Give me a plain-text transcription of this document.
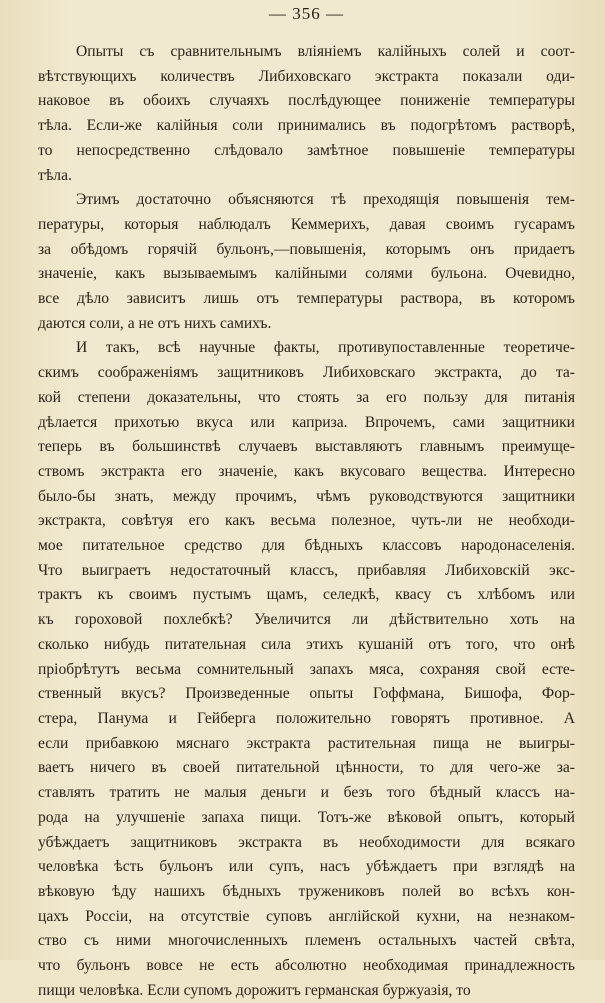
— 356 —
Опыты съ сравнительнымъ вліяніемъ калійныхъ солей и соот-
вѣтствующихъ количествъ Либиховскаго экстракта показали оди-
наковое въ обоихъ случаяхъ послѣдующее пониженіе температуры
тѣла. Если-же калійныя соли принимались въ подогрѣтомъ растворѣ,
то непосредственно слѣдовало замѣтное повышеніе температуры
тѣла.
Этимъ достаточно объясняются тѣ преходящія повышенія тем-
пературы, которыя наблюдалъ Кеммерихъ, давая своимъ гусарамъ
за обѣдомъ горячій бульонъ,—повышенія, которымъ онъ придаетъ
значеніе, какъ вызываемымъ калійными солями бульона. Очевидно,
все дѣло зависитъ лишь отъ температуры раствора, въ которомъ
даются соли, а не отъ нихъ самихъ.
И такъ, всѣ научные факты, противупоставленные теоретиче-
скимъ соображеніямъ защитниковъ Либиховскаго экстракта, до та-
кой степени доказательны, что стоять за его пользу для питанія
дѣлается прихотью вкуса или каприза. Впрочемъ, сами защитники
теперь въ большинствѣ случаевъ выставляютъ главнымъ преимуще-
ствомъ экстракта его значеніе, какъ вкусоваго вещества. Интересно
было-бы знать, между прочимъ, чѣмъ руководствуются защитники
экстракта, совѣтуя его какъ весьма полезное, чуть-ли не необходи-
мое питательное средство для бѣдныхъ классовъ народонаселенія.
Что выиграетъ недостаточный классъ, прибавляя Либиховскій экс-
трактъ къ своимъ пустымъ щамъ, селедкѣ, квасу съ хлѣбомъ или
къ гороховой похлебкѣ? Увеличится ли дѣйствительно хоть на
сколько нибудь питательная сила этихъ кушаній отъ того, что онѣ
пріобрѣтутъ весьма сомнительный запахъ мяса, сохраняя свой есте-
ственный вкусъ? Произведенные опыты Гоффмана, Бишофа, Фор-
стера, Панума и Гейберга положительно говорятъ противное. А
если прибавкою мяснаго экстракта растительная пища не выигры-
ваетъ ничего въ своей питательной цѣнности, то для чего-же за-
ставлять тратить не малыя деньги и безъ того бѣдный классъ на-
рода на улучшеніе запаха пищи. Тотъ-же вѣковой опытъ, который
убѣждаетъ защитниковъ экстракта въ необходимости для всякаго
человѣка ѣсть бульонъ или супъ, насъ убѣждаетъ при взглядѣ на
вѣковую ѣду нашихъ бѣдныхъ тружениковъ полей во всѣхъ кон-
цахъ Россіи, на отсутствіе суповъ англійской кухни, на незнаком-
ство съ ними многочисленныхъ племенъ остальныхъ частей свѣта,
что бульонъ вовсе не есть абсолютно необходимая принадлежность
пищи человѣка. Если супомъ дорожитъ германская буржуазія, то
